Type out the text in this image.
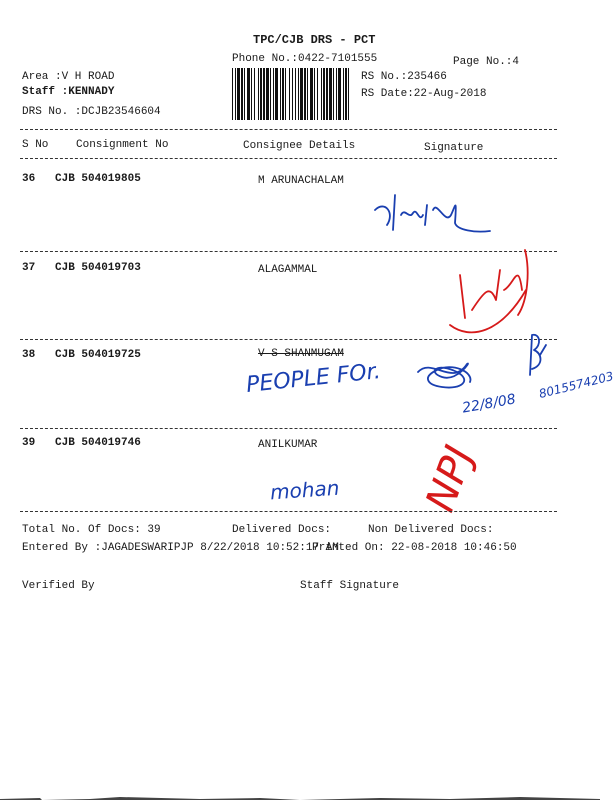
TPC/CJB DRS - PCT
Phone No.:0422-7101555	Page No.:4
Area :V H ROAD
Staff :KENNADY
DRS No. :DCJB23546604
RS No.:235466
RS Date:22-Aug-2018
S No	Consignment No	Consignee Details	Signature
36 CJB 504019805	M ARUNACHALAM
37 CJB 504019703	ALAGAMMAL
38 CJB 504019725	V S SHANMUGAM
PEOPLE FOr.
22/8/08
8015574203
39 CJB 504019746	ANILKUMAR
mohan NPJ
Total No. Of Docs: 39	Delivered Docs:	Non Delivered Docs:
Entered By :JAGADESWARIPJP 8/22/2018 10:52:17 AM
Printed On: 22-08-2018 10:46:50
Verified By	Staff Signature
